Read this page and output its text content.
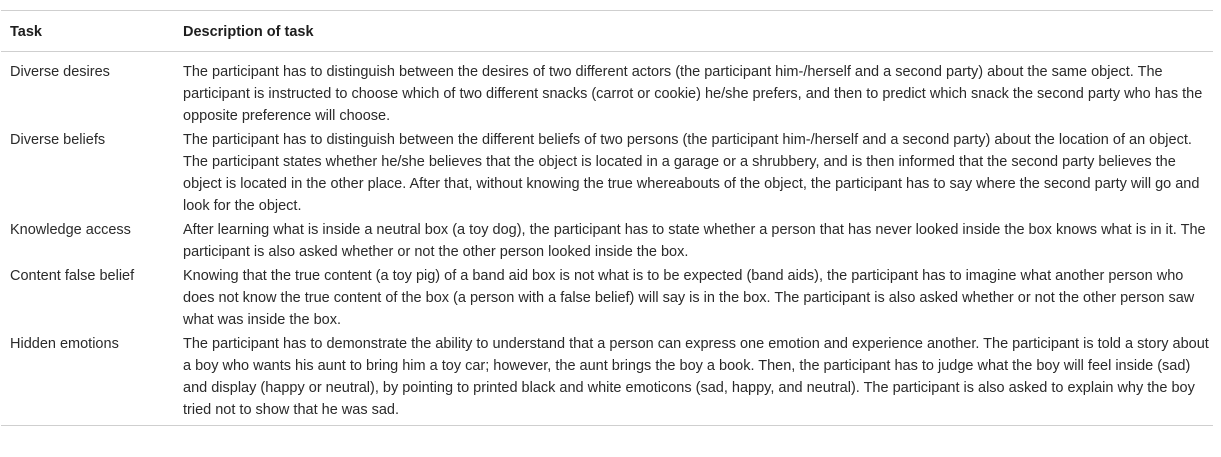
Task	Description of task
Diverse desires	The participant has to distinguish between the desires of two different actors (the participant him-/herself and a second party) about the same object. The participant is instructed to choose which of two different snacks (carrot or cookie) he/she prefers, and then to predict which snack the second party who has the opposite preference will choose.
Diverse beliefs	The participant has to distinguish between the different beliefs of two persons (the participant him-/herself and a second party) about the location of an object. The participant states whether he/she believes that the object is located in a garage or a shrubbery, and is then informed that the second party believes the object is located in the other place. After that, without knowing the true whereabouts of the object, the participant has to say where the second party will go and look for the object.
Knowledge access	After learning what is inside a neutral box (a toy dog), the participant has to state whether a person that has never looked inside the box knows what is in it. The participant is also asked whether or not the other person looked inside the box.
Content false belief	Knowing that the true content (a toy pig) of a band aid box is not what is to be expected (band aids), the participant has to imagine what another person who does not know the true content of the box (a person with a false belief) will say is in the box. The participant is also asked whether or not the other person saw what was inside the box.
Hidden emotions	The participant has to demonstrate the ability to understand that a person can express one emotion and experience another. The participant is told a story about a boy who wants his aunt to bring him a toy car; however, the aunt brings the boy a book. Then, the participant has to judge what the boy will feel inside (sad) and display (happy or neutral), by pointing to printed black and white emoticons (sad, happy, and neutral). The participant is also asked to explain why the boy tried not to show that he was sad.
